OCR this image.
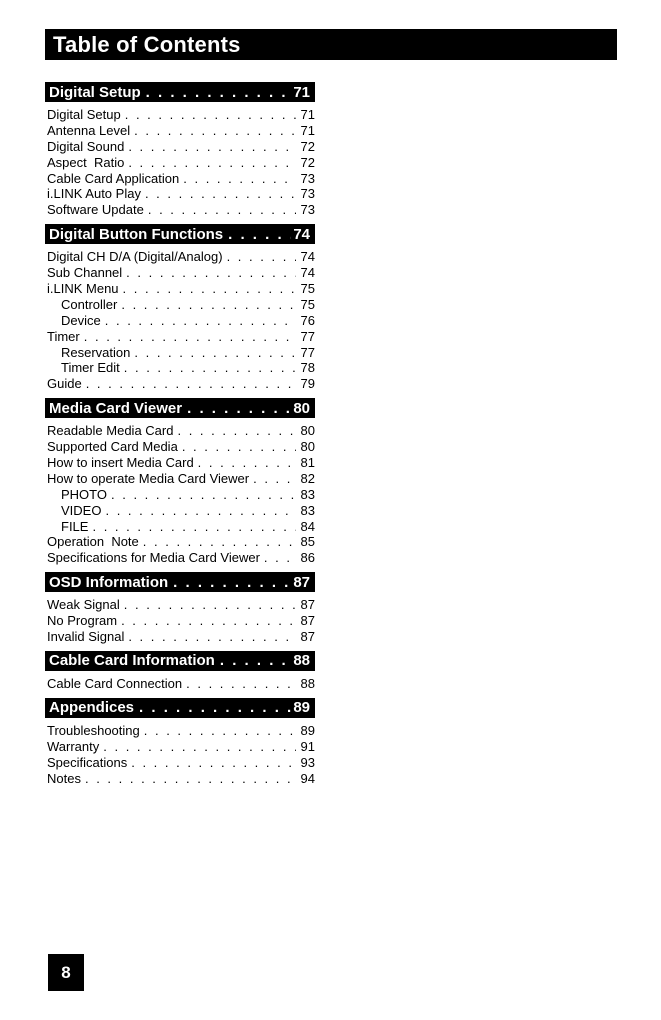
Table of Contents
Digital Setup . . .	71
Digital Setup . . .	71
Antenna Level . . .	71
Digital Sound . . .	72
Aspect  Ratio . . .	72
Cable Card Application . . .	73
i.LINK Auto Play . . .	73
Software Update . . .	73
Digital Button Functions . . .	74
Digital CH D/A (Digital/Analog) . . .	74
Sub Channel . . .	74
i.LINK Menu . . .	75
Controller . . .	75
Device . . .	76
Timer . . .	77
Reservation . . .	77
Timer Edit . . .	78
Guide . . .	79
Media Card Viewer . . .	80
Readable Media Card . . .	80
Supported Card Media . . .	80
How to insert Media Card . . .	81
How to operate Media Card Viewer . . .	82
PHOTO . . .	83
VIDEO . . .	83
FILE . . .	84
Operation  Note . . .	85
Specifications for Media Card Viewer . . .	86
OSD Information . . .	87
Weak Signal . . .	87
No Program . . .	87
Invalid Signal . . .	87
Cable Card Information . . .	88
Cable Card Connection . . .	88
Appendices . . .	89
Troubleshooting . . .	89
Warranty . . .	91
Specifications . . .	93
Notes . . .	94
8
